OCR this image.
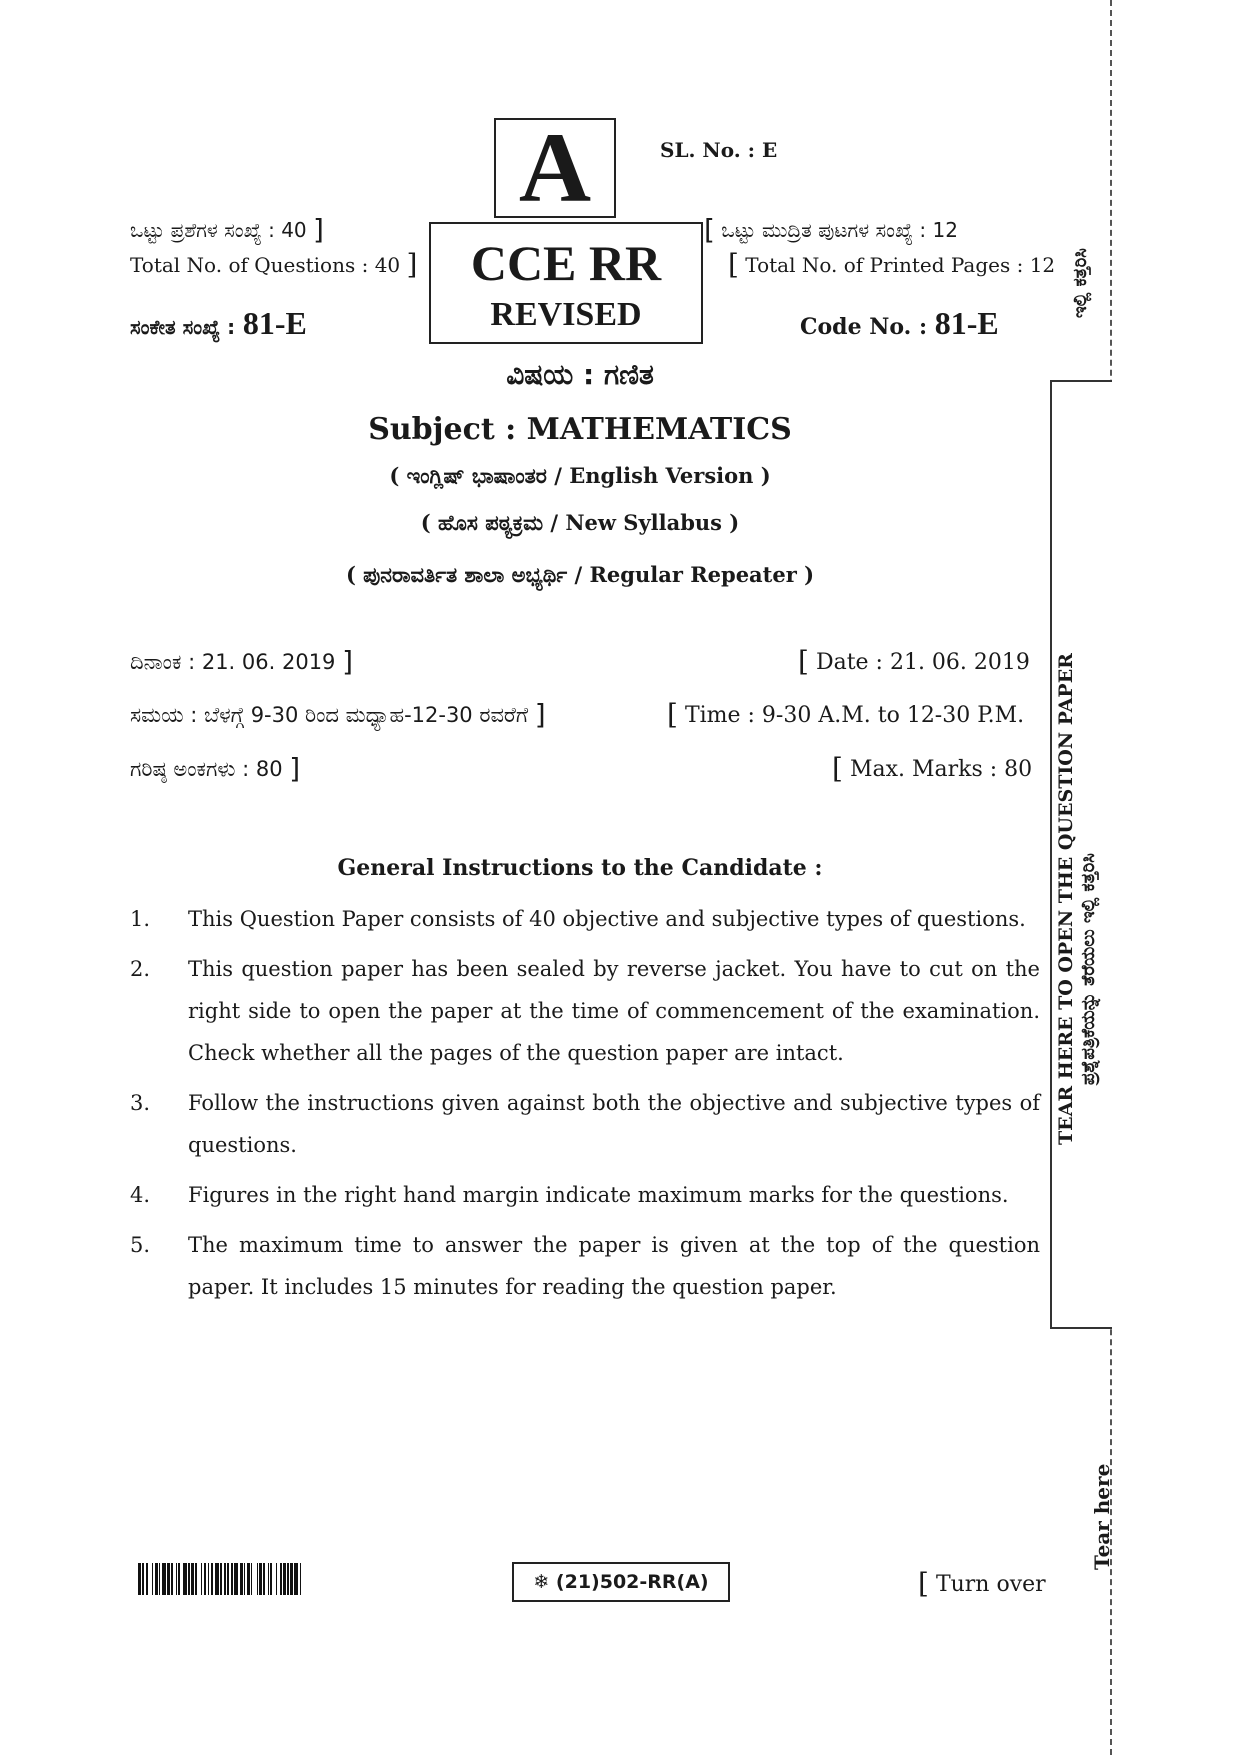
A	SL. No. : E
ಒಟ್ಟು ಪ್ರಶೆಗಳ ಸಂಖ್ಯೆ : 40 ]
Total No. of Questions : 40 ]	CCE RR
REVISED
[ ಒಟ್ಟು ಮುದ್ರಿತ ಪುಟಗಳ ಸಂಖ್ಯೆ : 12
[ Total No. of Printed Pages : 12
ಸಂಕೇತ ಸಂಖ್ಯೆ : 81-E	Code No. : 81-E
ವಿಷಯ : ಗಣಿತ
Subject : MATHEMATICS
( ಇಂಗ್ಲಿಷ್ ಭಾಷಾಂತರ / English Version )
( ಹೊಸ ಪಠ್ಯಕ್ರಮ / New Syllabus )
( ಪುನರಾವರ್ತಿತ ಶಾಲಾ ಅಭ್ಯರ್ಥಿ / Regular Repeater )
ದಿನಾಂಕ : 21. 06. 2019 ]	[ Date : 21. 06. 2019
ಸಮಯ : ಬೆಳಗ್ಗೆ 9-30 ರಿಂದ ಮಧ್ಯಾಹ-12-30 ರವರೆಗೆ ]	[ Time : 9-30 A.M. to 12-30 P.M.
ಗರಿಷ್ಠ ಅಂಕಗಳು : 80 ]	[ Max. Marks : 80
General Instructions to the Candidate :
1.	This Question Paper consists of 40 objective and subjective types of questions.
2.	This question paper has been sealed by reverse jacket. You have to cut on the right side to open the paper at the time of commencement of the examination. Check whether all the pages of the question paper are intact.
3.	Follow the instructions given against both the objective and subjective types of questions.
4.	Figures in the right hand margin indicate maximum marks for the questions.
5.	The maximum time to answer the paper is given at the top of the question paper. It includes 15 minutes for reading the question paper.
TEAR HERE TO OPEN THE QUESTION PAPER ಪ್ರಶ್ನೆಪತ್ರಿಕೆಯನ್ನು ತೆರೆಯಲು ಇಲ್ಲಿ ಕತ್ತರಿಸಿ
ಇಲ್ಲಿ ಕತ್ತರಿಸಿ
Tear here
❄ (21)502-RR(A)	[ Turn over
